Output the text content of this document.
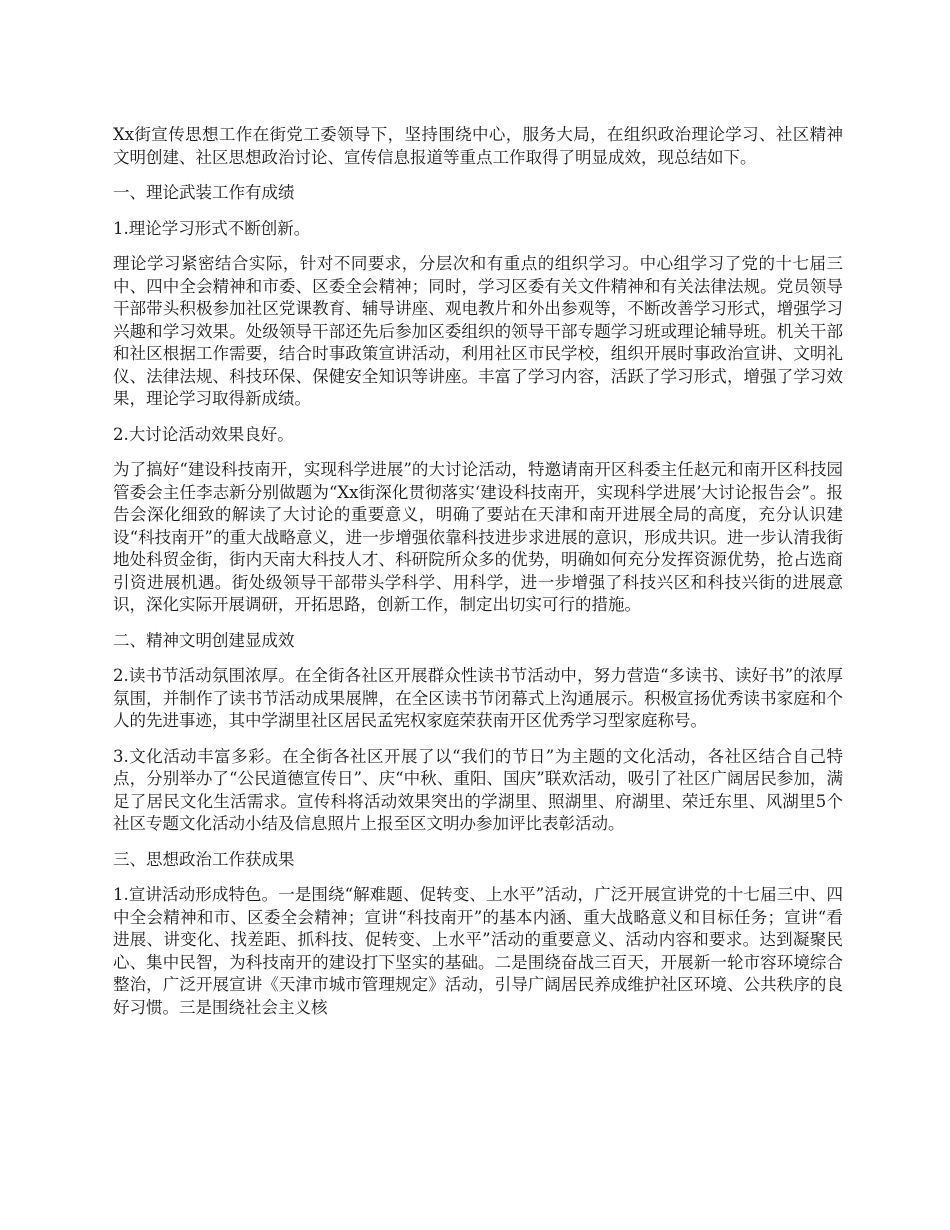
Xx街宣传思想工作在街党工委领导下，坚持围绕中心，服务大局，在组织政治理论学习、社区精神文明创建、社区思想政治讨论、宣传信息报道等重点工作取得了明显成效，现总结如下。

一、理论武装工作有成绩

1.理论学习形式不断创新。

理论学习紧密结合实际，针对不同要求，分层次和有重点的组织学习。中心组学习了党的十七届三中、四中全会精神和市委、区委全会精神；同时，学习区委有关文件精神和有关法律法规。党员领导干部带头积极参加社区党课教育、辅导讲座、观电教片和外出参观等，不断改善学习形式，增强学习兴趣和学习效果。处级领导干部还先后参加区委组织的领导干部专题学习班或理论辅导班。机关干部和社区根据工作需要，结合时事政策宣讲活动，利用社区市民学校，组织开展时事政治宣讲、文明礼仪、法律法规、科技环保、保健安全知识等讲座。丰富了学习内容，活跃了学习形式，增强了学习效果，理论学习取得新成绩。

2.大讨论活动效果良好。

为了搞好“建设科技南开，实现科学进展”的大讨论活动，特邀请南开区科委主任赵元和南开区科技园管委会主任李志新分别做题为“Xx街深化贯彻落实‘建设科技南开，实现科学进展’大讨论报告会”。报告会深化细致的解读了大讨论的重要意义，明确了要站在天津和南开进展全局的高度，充分认识建设“科技南开”的重大战略意义，进一步增强依靠科技进步求进展的意识，形成共识。进一步认清我街地处科贸金街，街内天南大科技人才、科研院所众多的优势，明确如何充分发挥资源优势，抢占选商引资进展机遇。街处级领导干部带头学科学、用科学，进一步增强了科技兴区和科技兴街的进展意识，深化实际开展调研，开拓思路，创新工作，制定出切实可行的措施。

二、精神文明创建显成效

2.读书节活动氛围浓厚。在全街各社区开展群众性读书节活动中，努力营造“多读书、读好书”的浓厚氛围，并制作了读书节活动成果展牌，在全区读书节闭幕式上沟通展示。积极宣扬优秀读书家庭和个人的先进事迹，其中学湖里社区居民孟宪权家庭荣获南开区优秀学习型家庭称号。

3.文化活动丰富多彩。在全街各社区开展了以“我们的节日”为主题的文化活动，各社区结合自己特点，分别举办了“公民道德宣传日”、庆“中秋、重阳、国庆”联欢活动，吸引了社区广阔居民参加，满足了居民文化生活需求。宣传科将活动效果突出的学湖里、照湖里、府湖里、荣迁东里、风湖里5个社区专题文化活动小结及信息照片上报至区文明办参加评比表彰活动。

三、思想政治工作获成果

1.宣讲活动形成特色。一是围绕“解难题、促转变、上水平”活动，广泛开展宣讲党的十七届三中、四中全会精神和市、区委全会精神；宣讲“科技南开”的基本内涵、重大战略意义和目标任务；宣讲“看进展、讲变化、找差距、抓科技、促转变、上水平”活动的重要意义、活动内容和要求。达到凝聚民心、集中民智，为科技南开的建设打下坚实的基础。二是围绕奋战三百天，开展新一轮市容环境综合整治，广泛开展宣讲《天津市城市管理规定》活动，引导广阔居民养成维护社区环境、公共秩序的良好习惯。三是围绕社会主义核
